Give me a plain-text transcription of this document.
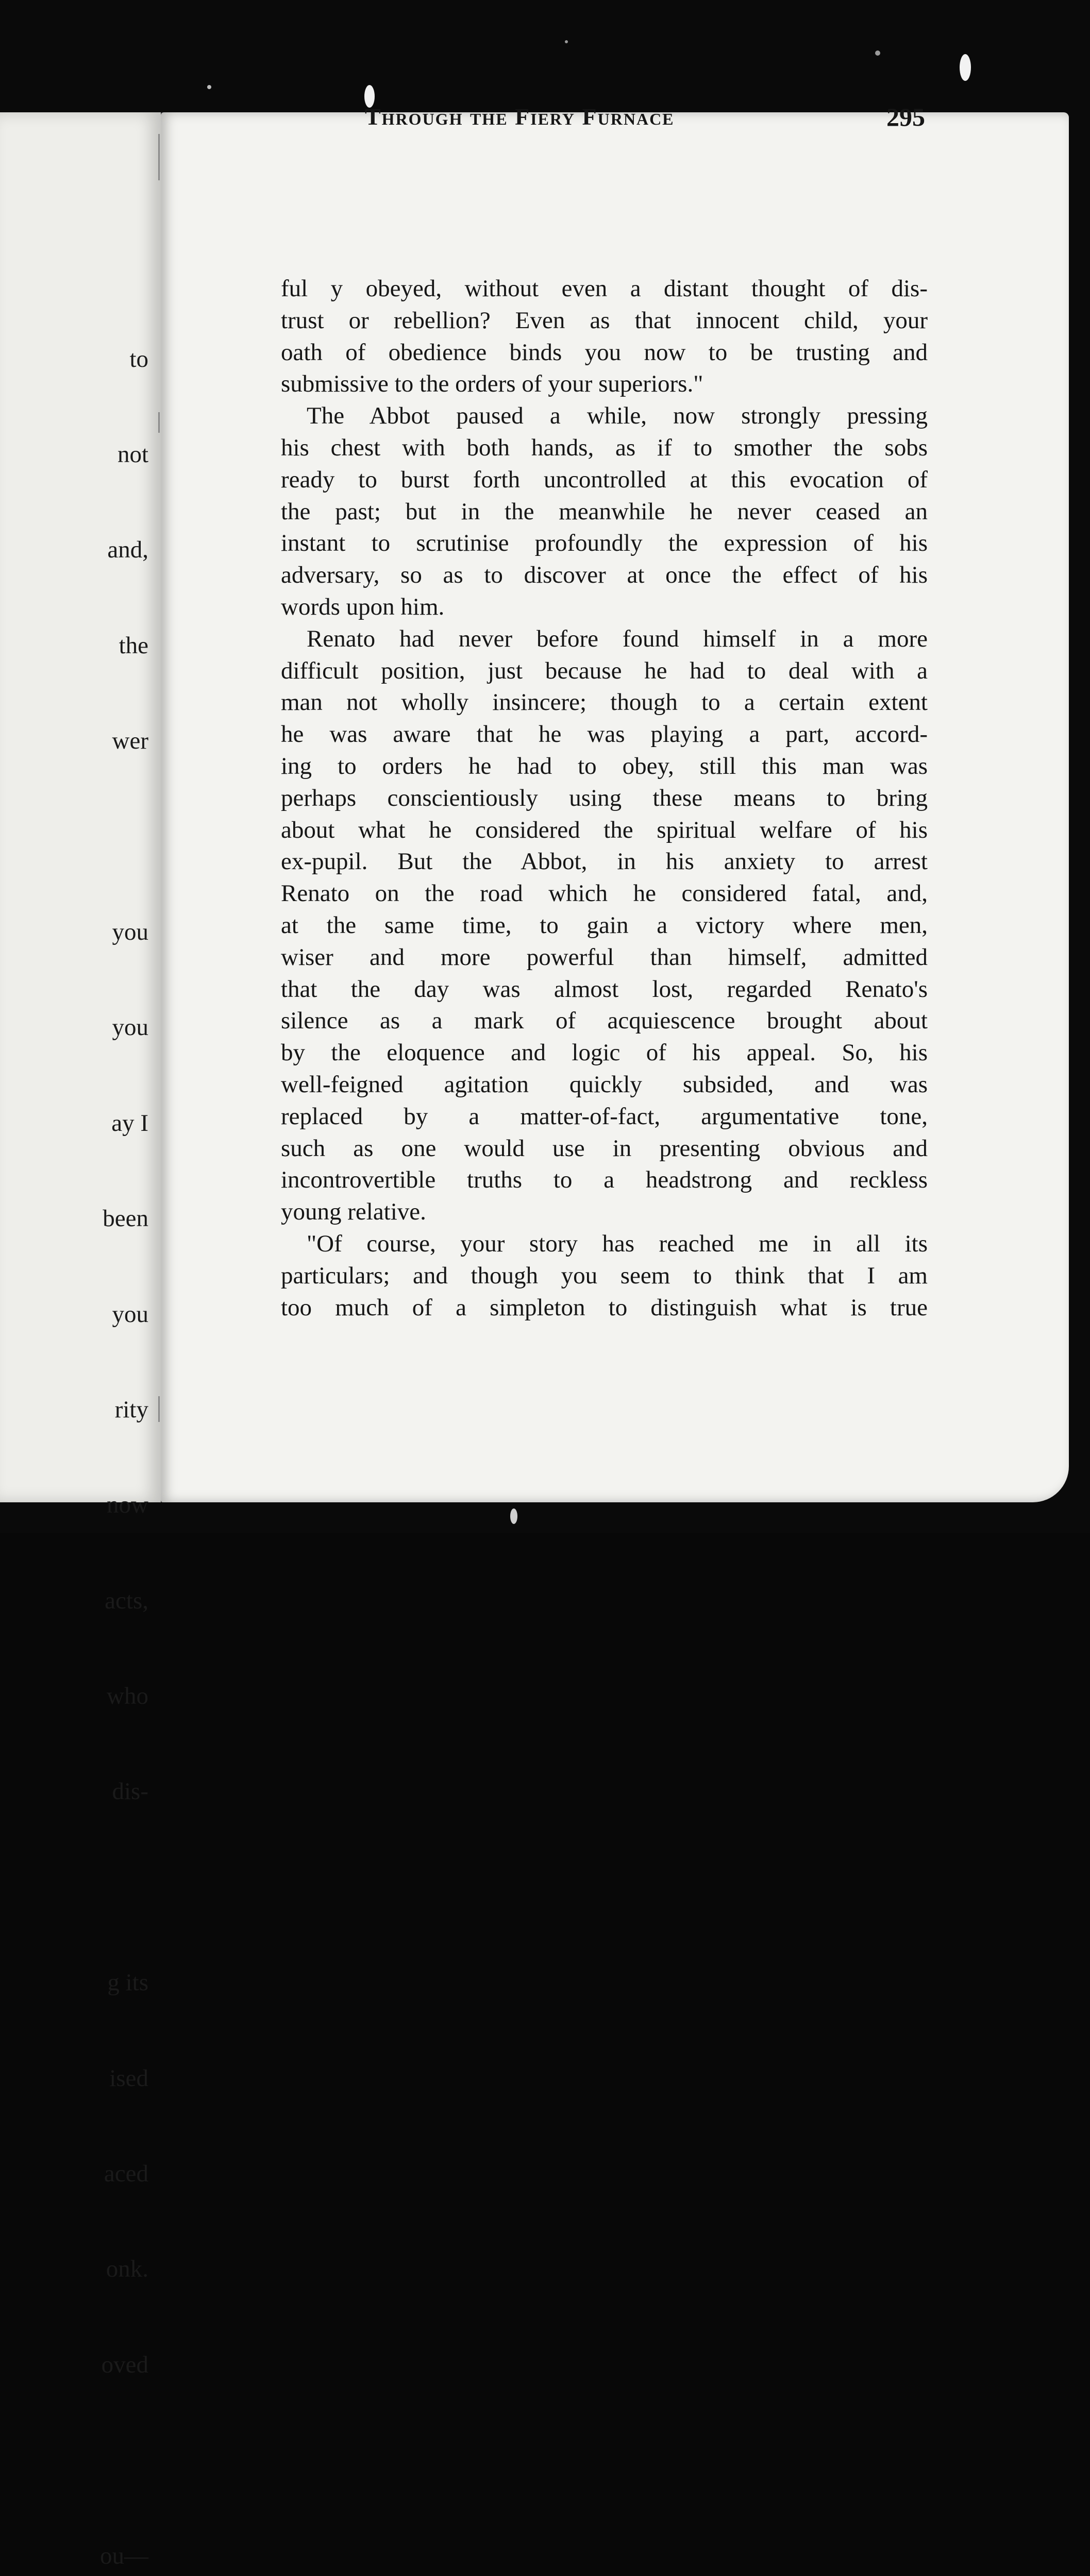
to

not

and,

the

wer

you

you

ay I

been

you

rity

now

acts,

who

dis-

g its

ised

aced

onk.

oved

ou—

Through the Fiery Furnace	295
ful y obeyed, without even a distant thought of dis-
trust or rebellion? Even as that innocent child, your
oath of obedience binds you now to be trusting and
submissive to the orders of your superiors."
The Abbot paused a while, now strongly pressing
his chest with both hands, as if to smother the sobs
ready to burst forth uncontrolled at this evocation of
the past; but in the meanwhile he never ceased an
instant to scrutinise profoundly the expression of his
adversary, so as to discover at once the effect of his
words upon him.
Renato had never before found himself in a more
difficult position, just because he had to deal with a
man not wholly insincere; though to a certain extent
he was aware that he was playing a part, accord-
ing to orders he had to obey, still this man was
perhaps conscientiously using these means to bring
about what he considered the spiritual welfare of his
ex-pupil. But the Abbot, in his anxiety to arrest
Renato on the road which he considered fatal, and,
at the same time, to gain a victory where men,
wiser and more powerful than himself, admitted
that the day was almost lost, regarded Renato's
silence as a mark of acquiescence brought about
by the eloquence and logic of his appeal. So, his
well-feigned agitation quickly subsided, and was
replaced by a matter-of-fact, argumentative tone,
such as one would use in presenting obvious and
incontrovertible truths to a headstrong and reckless
young relative.
"Of course, your story has reached me in all its
particulars; and though you seem to think that I am
too much of a simpleton to distinguish what is true
